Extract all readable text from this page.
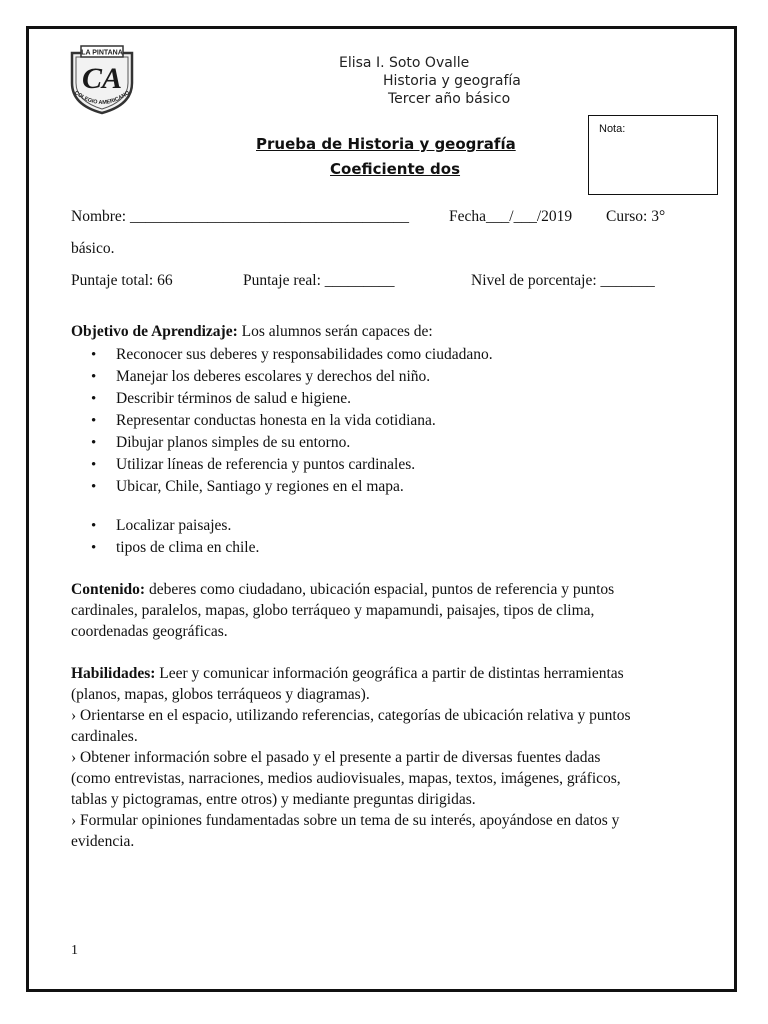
LA PINTANA
CA
COLEGIO AMERICANO
Elisa I. Soto Ovalle
Historia y geografía
Tercer año básico
Nota:
Prueba de Historia y geografía
Coeficiente dos
Nombre: ____________________________________	Fecha___/___/2019 Curso: 3°
básico.
Puntaje total: 66	Puntaje real: _________	Nivel de porcentaje: _______
Objetivo de Aprendizaje: Los alumnos serán capaces de:
• Reconocer sus deberes y responsabilidades como ciudadano.
• Manejar los deberes escolares y derechos del niño.
• Describir términos de salud e higiene.
• Representar conductas honesta en la vida cotidiana.
• Dibujar planos simples de su entorno.
• Utilizar líneas de referencia y puntos cardinales.
• Ubicar, Chile, Santiago y regiones en el mapa.
• Localizar paisajes.
• tipos de clima en chile.
Contenido: deberes como ciudadano, ubicación espacial, puntos de referencia y puntos
cardinales, paralelos, mapas, globo terráqueo y mapamundi, paisajes, tipos de clima,
coordenadas geográficas.
Habilidades: Leer y comunicar información geográfica a partir de distintas herramientas
(planos, mapas, globos terráqueos y diagramas).
› Orientarse en el espacio, utilizando referencias, categorías de ubicación relativa y puntos
cardinales.
› Obtener información sobre el pasado y el presente a partir de diversas fuentes dadas
(como entrevistas, narraciones, medios audiovisuales, mapas, textos, imágenes, gráficos,
tablas y pictogramas, entre otros) y mediante preguntas dirigidas.
› Formular opiniones fundamentadas sobre un tema de su interés, apoyándose en datos y
evidencia.
1
